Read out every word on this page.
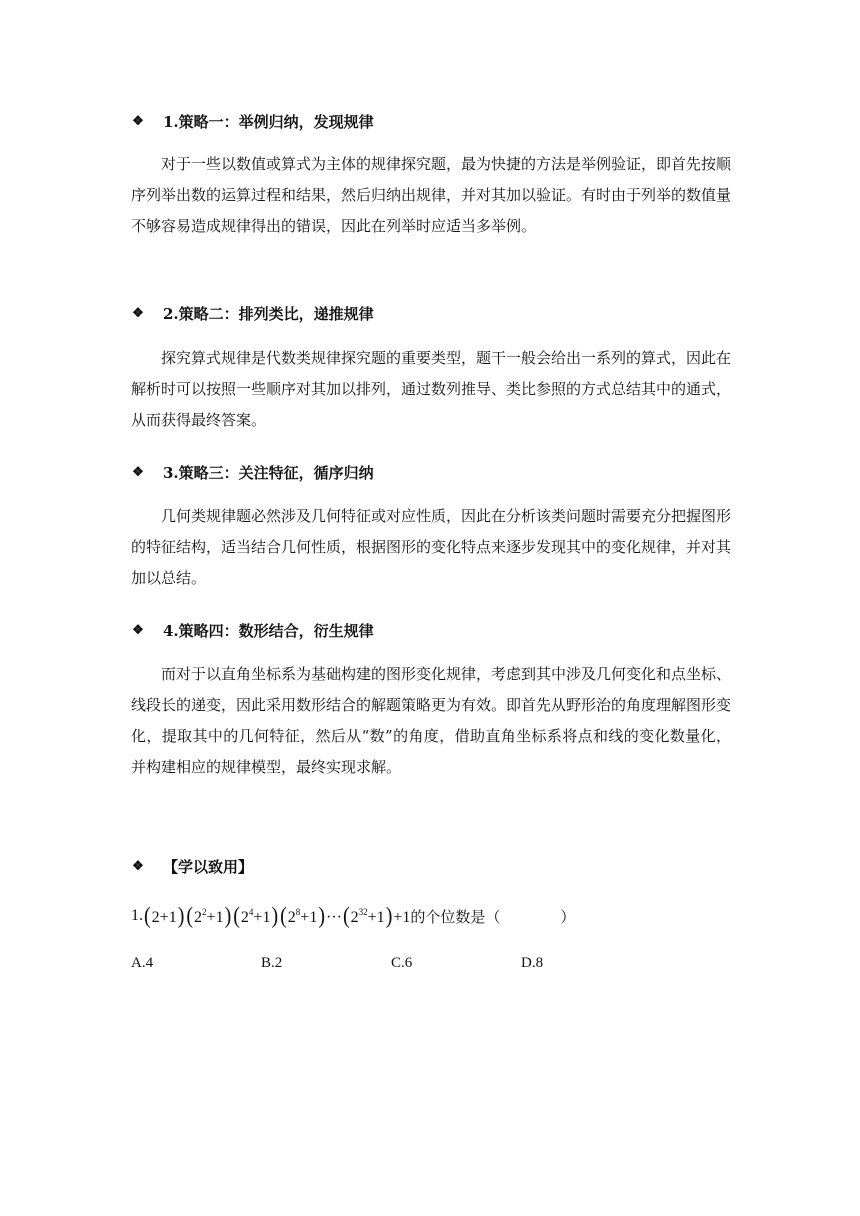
❖ 1.策略一：举例归纳，发现规律
对于一些以数值或算式为主体的规律探究题，最为快捷的方法是举例验证，即首先按顺序列举出数的运算过程和结果，然后归纳出规律，并对其加以验证。有时由于列举的数值量不够容易造成规律得出的错误，因此在列举时应适当多举例。
❖ 2.策略二：排列类比，递推规律
探究算式规律是代数类规律探究题的重要类型，题干一般会给出一系列的算式，因此在解析时可以按照一些顺序对其加以排列，通过数列推导、类比参照的方式总结其中的通式，从而获得最终答案。
❖ 3.策略三：关注特征，循序归纳
几何类规律题必然涉及几何特征或对应性质，因此在分析该类问题时需要充分把握图形的特征结构，适当结合几何性质，根据图形的变化特点来逐步发现其中的变化规律，并对其加以总结。
❖ 4.策略四：数形结合，衍生规律
而对于以直角坐标系为基础构建的图形变化规律，考虑到其中涉及几何变化和点坐标、线段长的递变，因此采用数形结合的解题策略更为有效。即首先从野形治的角度理解图形变化，提取其中的几何特征，然后从“数”的角度，借助直角坐标系将点和线的变化数量化，并构建相应的规律模型，最终实现求解。
❖ 【学以致用】
1. (2+1) $(2^2+1)$ $(2^4+1)$ $(2^8+1)\cdot\cdot\cdot(2^{32}+1)+1$ 的个位数是（	）
A.4	B.2	C.6	D.8
